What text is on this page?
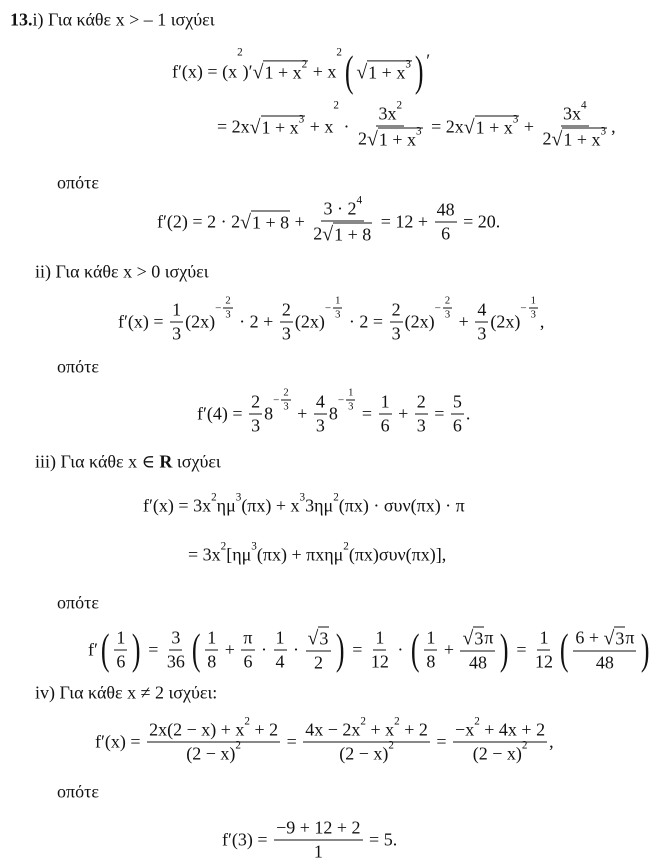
13. i) Για κάθε x > – 1 ισχύει
f′(x) = (x
2
)′ √ 1 + x 2 + x
2 ( √ 1 + x 3 ) ′
= 2x √ 1 + x 3 + x
2
· $\frac{3x 2}{2 √ 1 + x 3} = 2x$ √ 1 + x $3 + \frac{3x 4}{2 √ 1 + x 3}$ ,
οπότε
f′(2) = 2 · 2 √ $1 + 8 + \frac{3 \cdot 2 4}{2 √ 1 + 8} = 12 + \frac{48}{6} = 20$.
ii) Για κάθε x > 0 ισχύει
$f'(x) = \frac{1}{3} (2x)$
− $\frac{2}{3}$
· $2 + \frac{2}{3} (2x)$
− $\frac{1}{3}$
· $2 = \frac{2}{3} (2x)$
− $\frac{2}{3}$
+ $\frac{4}{3} (2x)$
− $\frac{1}{3}$
,
οπότε
$f'(4) = \frac{2}{3} 8$
− $\frac{2}{3}$
+ $\frac{4}{3} 8$
− $\frac{1}{3}$
= $\frac{1}{6} + \frac{2}{3} = \frac{5}{6}$ .
iii) Για κάθε x ∈ R ισχύει
f′(x) = 3x 2 ημ 3 (πx) + x 3 3ημ 2 (πx) · συν(πx) · π
= 3x 2 [ημ 3 (πx) + πxημ 2 (πx)συν(πx)],
οπότε
f′ ( $\frac{1}{6}$ ) = $\frac{3}{36}$ ( $\frac{1}{8} + \frac{\pi}{6} \cdot \frac{1}{4} \cdot \frac{√ 3}{2}$ ) = $\frac{1}{12}$ · ( $\frac{1}{8} + \frac{√ 3 \pi}{48}$ ) = $\frac{1}{12}$ ( $\frac{6 + √ 3 \pi}{48}$ )
iv) Για κάθε x ≠ 2 ισχύει:
$f'(x) = \frac{2x(2 - x) + x 2 + 2}{(2 - x) 2} = \frac{4x - 2x 2 + x 2 + 2}{(2 - x) 2} = \frac{-x 2 + 4x + 2}{(2 - x) 2}$ ,
οπότε
$f'(3) = \frac{-9 + 12 + 2}{1} = 5$.
